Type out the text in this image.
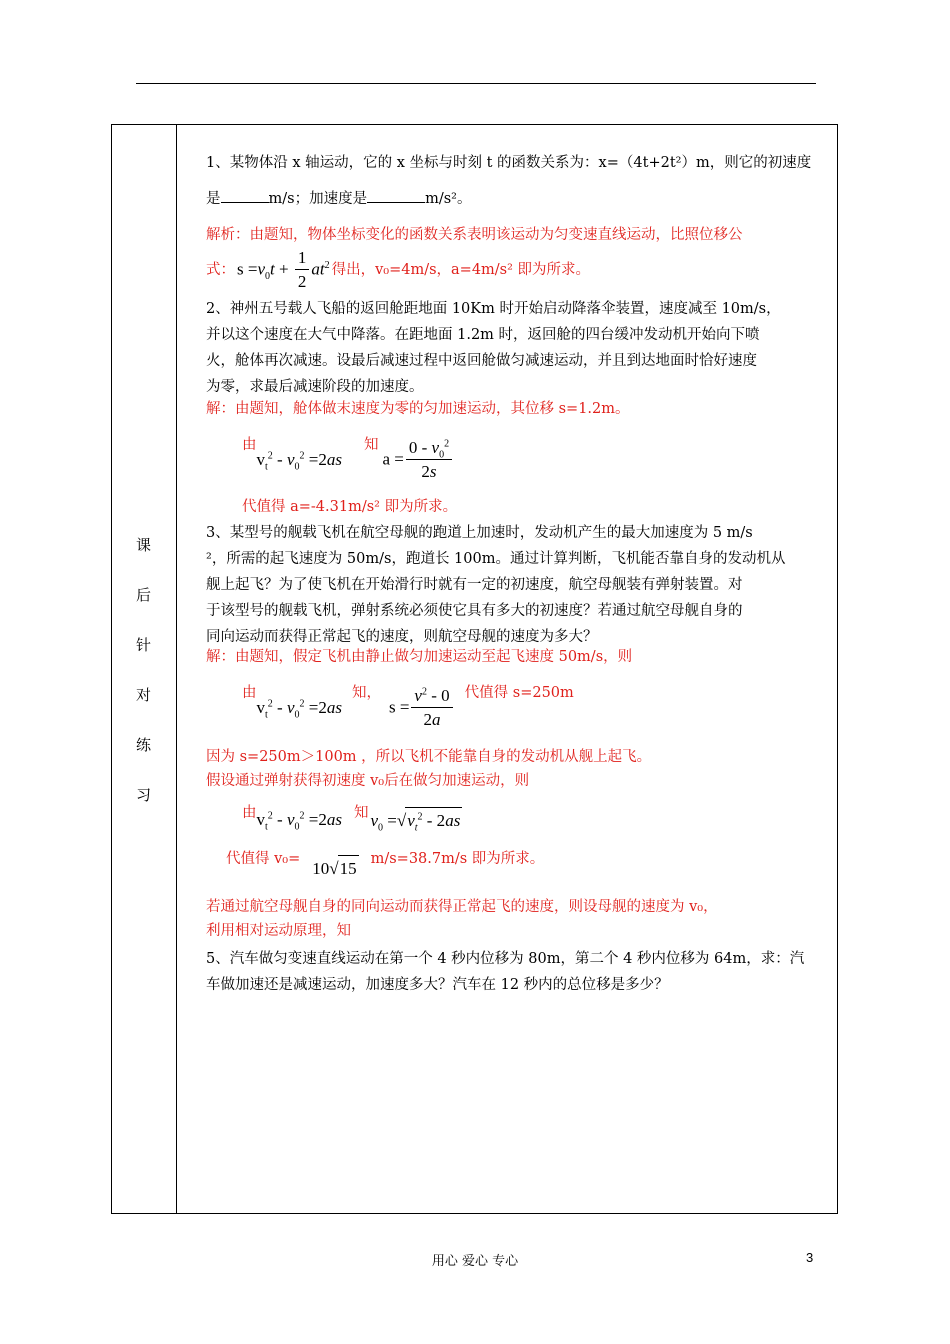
课
后
针
对
练
习
1、某物体沿 x 轴运动，它的 x 坐标与时刻 t 的函数关系为：x=（4t+2t²）m，则它的初速度
是	m/s；加速度是	m/s²。
解析：由题知，物体坐标变化的函数关系表明该运动为匀变速直线运动，比照位移公
式： $s =v_0t + \frac{1}{2} at^2$ 得出，v₀=4m/s，a=4m/s² 即为所求。
2、神州五号载人飞船的返回舱距地面 10Km 时开始启动降落伞装置，速度减至 10m/s，
并以这个速度在大气中降落。在距地面 1.2m 时，返回舱的四台缓冲发动机开始向下喷
火，舱体再次减速。设最后减速过程中返回舱做匀减速运动，并且到达地面时恰好速度
为零，求最后减速阶段的加速度。
解：由题知，舱体做末速度为零的匀加速运动，其位移 s=1.2m。
由
$v_t^2 - v_0^2 =2as$
知
$a = \frac{0 - v_0^2}{2s}$
代值得 a=-4.31m/s² 即为所求。
3、某型号的舰载飞机在航空母舰的跑道上加速时，发动机产生的最大加速度为 5 m/s
²，所需的起飞速度为 50m/s，跑道长 100m。通过计算判断，飞机能否靠自身的发动机从
舰上起飞？为了使飞机在开始滑行时就有一定的初速度，航空母舰装有弹射装置。对
于该型号的舰载飞机，弹射系统必须使它具有多大的初速度？若通过航空母舰自身的
同向运动而获得正常起飞的速度，则航空母舰的速度为多大？
解：由题知，假定飞机由静止做匀加速运动至起飞速度 50m/s，则
由
$v_t^2 - v_0^2 =2as$
知，
$s = \frac{v^2 - 0}{2a}$ 代值得 s=250m
因为 s=250m＞100m ，所以飞机不能靠自身的发动机从舰上起飞。
假设通过弹射获得初速度 v₀后在做匀加速运动，则
由 $v_t^2 - v_0^2 =2as$ 知 $v_0 =√v_t^2 - 2as$
代值得 v₀= 10√15 m/s=38.7m/s 即为所求。
若通过航空母舰自身的同向运动而获得正常起飞的速度，则设母舰的速度为 v₀，
利用相对运动原理，知
5、汽车做匀变速直线运动在第一个 4 秒内位移为 80m，第二个 4 秒内位移为 64m，求：汽
车做加速还是减速运动，加速度多大？汽车在 12 秒内的总位移是多少？
用心 爱心 专心	3
